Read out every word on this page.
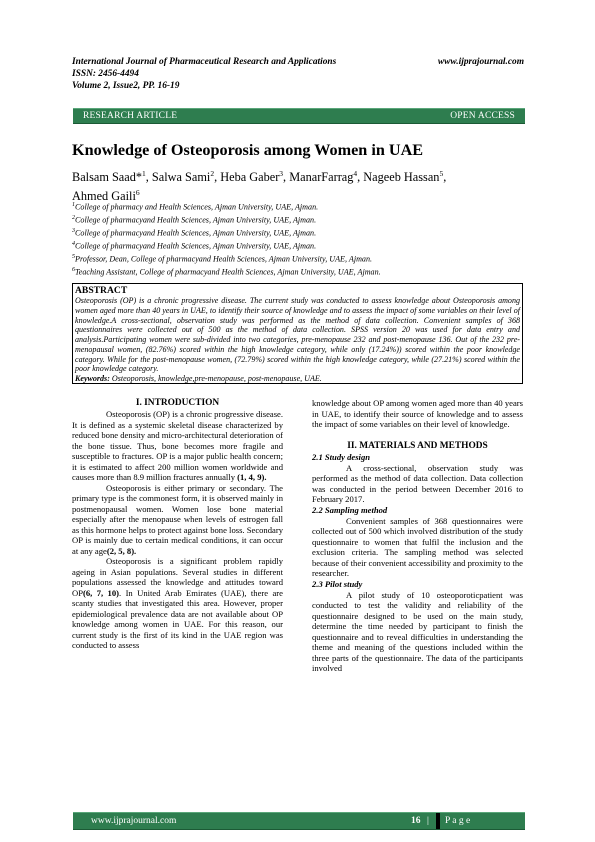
International Journal of Pharmaceutical Research and Applications	www.ijprajournal.com
ISSN: 2456-4494
Volume 2, Issue2, PP. 16-19
RESEARCH ARTICLE	OPEN ACCESS
Knowledge of Osteoporosis among Women in UAE
Balsam Saad*$^1$, Salwa Sami$^2$, Heba Gaber$^3$, ManarFarrag$^4$, Nageeb Hassan$^5$,
Ahmed Gaili$^6$
$^1$College of pharmacy and Health Sciences, Ajman University, UAE, Ajman.
$^2$College of pharmacyand Health Sciences, Ajman University, UAE, Ajman.
$^3$College of pharmacyand Health Sciences, Ajman University, UAE, Ajman.
$^4$College of pharmacyand Health Sciences, Ajman University, UAE, Ajman.
$^5$Professor, Dean, College of pharmacyand Health Sciences, Ajman University, UAE, Ajman.
$^6$Teaching Assistant, College of pharmacyand Health Sciences, Ajman University, UAE, Ajman.
ABSTRACT
Osteoporosis (OP) is a chronic progressive disease. The current study was conducted to assess knowledge about Osteoporosis among women aged more than 40 years in UAE, to identify their source of knowledge and to assess the impact of some variables on their level of knowledge.A cross-sectional, observation study was performed as the method of data collection. Convenient samples of 368 questionnaires were collected out of 500 as the method of data collection. SPSS version 20 was used for data entry and analysis.Participating women were sub-divided into two categories, pre-menopause 232 and post-menopause 136. Out of the 232 pre-menopausal women, (82.76%) scored within the high knowledge category, while only (17.24%)) scored within the poor knowledge category. While for the post-menopause women, (72.79%) scored within the high knowledge category, while (27.21%) scored within the poor knowledge category.
Keywords: Osteoporosis, knowledge,pre-menopause, post-menopause, UAE.

I. INTRODUCTION

Osteoporosis (OP) is a chronic progressive disease. It is defined as a systemic skeletal disease characterized by reduced bone density and micro-architectural deterioration of the bone tissue. Thus, bone becomes more fragile and susceptible to fractures. OP is a major public health concern; it is estimated to affect 200 million women worldwide and causes more than 8.9 million fractures annually (1, 4, 9).

Osteoporosis is either primary or secondary. The primary type is the commonest form, it is observed mainly in postmenopausal women. Women lose bone material especially after the menopause when levels of estrogen fall as this hormone helps to protect against bone loss. Secondary OP is mainly due to certain medical conditions, it can occur at any age(2, 5, 8).

Osteoporosis is a significant problem rapidly ageing in Asian populations. Several studies in different populations assessed the knowledge and attitudes toward OP(6, 7, 10). In United Arab Emirates (UAE), there are scanty studies that investigated this area. However, proper epidemiological prevalence data are not available about OP knowledge among women in UAE. For this reason, our current study is the first of its kind in the UAE region was conducted to assess

knowledge about OP among women aged more than 40 years in UAE, to identify their source of knowledge and to assess the impact of some variables on their level of knowledge.

II. MATERIALS AND METHODS

2.1 Study design

A cross-sectional, observation study was performed as the method of data collection. Data collection was conducted in the period between December 2016 to February 2017.

2.2 Sampling method

Convenient samples of 368 questionnaires were collected out of 500 which involved distribution of the study questionnaire to women that fulfil the inclusion and the exclusion criteria. The sampling method was selected because of their convenient accessibility and proximity to the researcher.

2.3 Pilot study

A pilot study of 10 osteoporoticpatient was conducted to test the validity and reliability of the questionnaire designed to be used on the main study, determine the time needed by participant to finish the questionnaire and to reveal difficulties in understanding the theme and meaning of the questions included within the three parts of the questionnaire. The data of the participants involved

www.ijprajournal.com	16 | P a g e
